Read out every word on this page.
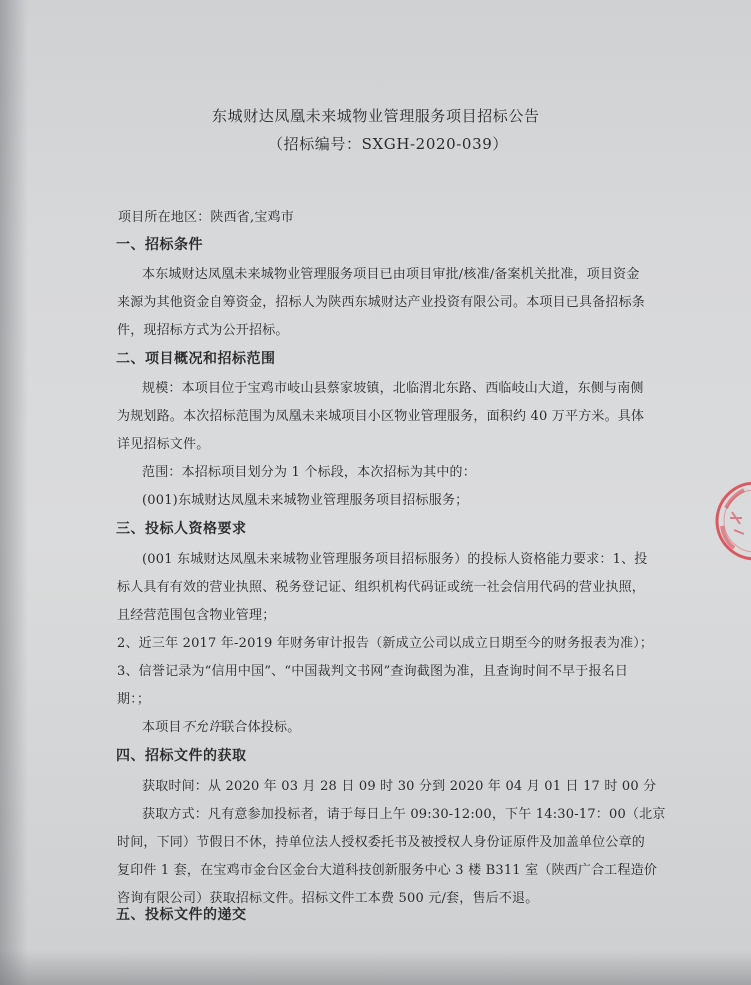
东城财达凤凰未来城物业管理服务项目招标公告
（招标编号：SXGH-2020-039）
项目所在地区：陕西省,宝鸡市
一、招标条件
本东城财达凤凰未来城物业管理服务项目已由项目审批/核准/备案机关批准，项目资金
来源为其他资金自筹资金，招标人为陕西东城财达产业投资有限公司。本项目已具备招标条
件，现招标方式为公开招标。
二、项目概况和招标范围
规模：本项目位于宝鸡市岐山县蔡家坡镇，北临渭北东路、西临岐山大道，东侧与南侧
为规划路。本次招标范围为凤凰未来城项目小区物业管理服务，面积约 40 万平方米。具体
详见招标文件。
范围：本招标项目划分为 1 个标段，本次招标为其中的：
(001)东城财达凤凰未来城物业管理服务项目招标服务；
三、投标人资格要求
(001 东城财达凤凰未来城物业管理服务项目招标服务）的投标人资格能力要求：1、投
标人具有有效的营业执照、税务登记证、组织机构代码证或统一社会信用代码的营业执照，
且经营范围包含物业管理；
2、近三年 2017 年-2019 年财务审计报告（新成立公司以成立日期至今的财务报表为准）；
3、信誉记录为“信用中国”、“中国裁判文书网”查询截图为准，且查询时间不早于报名日
期：；
本项目不允许联合体投标。
四、招标文件的获取
获取时间：从 2020 年 03 月 28 日 09 时 30 分到 2020 年 04 月 01 日 17 时 00 分
获取方式：凡有意参加投标者，请于每日上午 09:30-12:00，下午 14:30-17：00（北京
时间，下同）节假日不休，持单位法人授权委托书及被授权人身份证原件及加盖单位公章的
复印件 1 套，在宝鸡市金台区金台大道科技创新服务中心 3 楼 B311 室（陕西广合工程造价
咨询有限公司）获取招标文件。招标文件工本费 500 元/套，售后不退。
五、投标文件的递交
